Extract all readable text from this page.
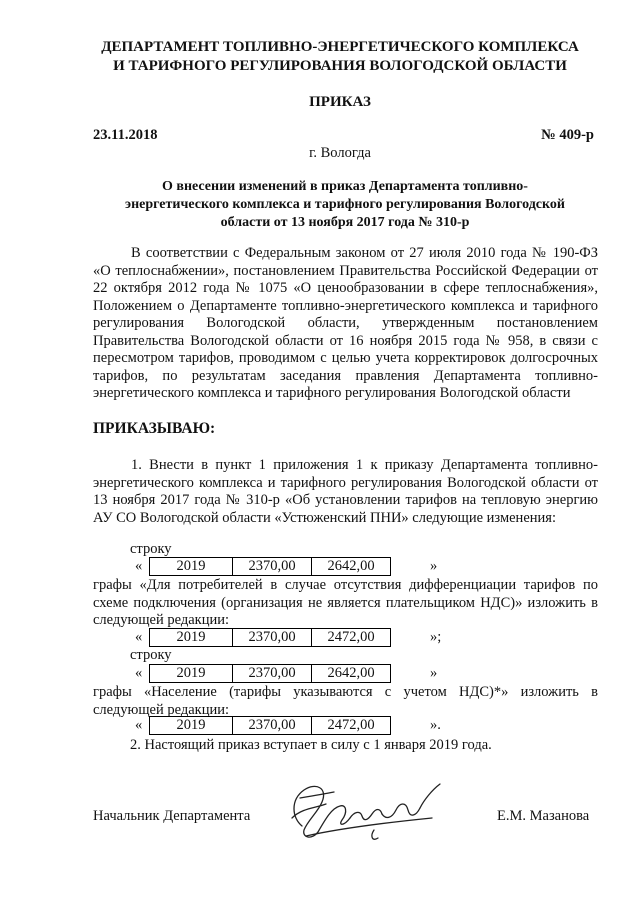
ДЕПАРТАМЕНТ ТОПЛИВНО-ЭНЕРГЕТИЧЕСКОГО КОМПЛЕКСА
И ТАРИФНОГО РЕГУЛИРОВАНИЯ ВОЛОГОДСКОЙ ОБЛАСТИ
ПРИКАЗ
23.11.2018	№ 409-р
г. Вологда
О внесении изменений в приказ Департамента топливно-
энергетического комплекса и тарифного регулирования Вологодской
области от 13 ноября 2017 года № 310-р
В соответствии с Федеральным законом от 27 июля 2010 года № 190-ФЗ «О теплоснабжении», постановлением Правительства Российской Федерации от 22 октября 2012 года № 1075 «О ценообразовании в сфере теплоснабжения», Положением о Департаменте топливно-энергетического комплекса и тарифного регулирования Вологодской области, утвержденным постановлением Правительства Вологодской области от 16 ноября 2015 года № 958, в связи с пересмотром тарифов, проводимом с целью учета корректировок долгосрочных тарифов, по результатам заседания правления Департамента топливно-энергетического комплекса и тарифного регулирования Вологодской области
ПРИКАЗЫВАЮ:
1. Внести в пункт 1 приложения 1 к приказу Департамента топливно-энергетического комплекса и тарифного регулирования Вологодской области от 13 ноября 2017 года № 310-р «Об установлении тарифов на тепловую энергию АУ СО Вологодской области «Устюженский ПНИ» следующие изменения:
строку
«	2019	2370,00	2642,00	»
графы «Для потребителей в случае отсутствия дифференциации тарифов по схеме подключения (организация не является плательщиком НДС)» изложить в следующей редакции:
«	2019	2370,00	2472,00	»;
строку
«	2019	2370,00	2642,00	»
графы «Население (тарифы указываются с учетом НДС)*» изложить в следующей редакции:
«	2019	2370,00	2472,00	».
2. Настоящий приказ вступает в силу с 1 января 2019 года.
Начальник Департамента	Е.М. Мазанова
